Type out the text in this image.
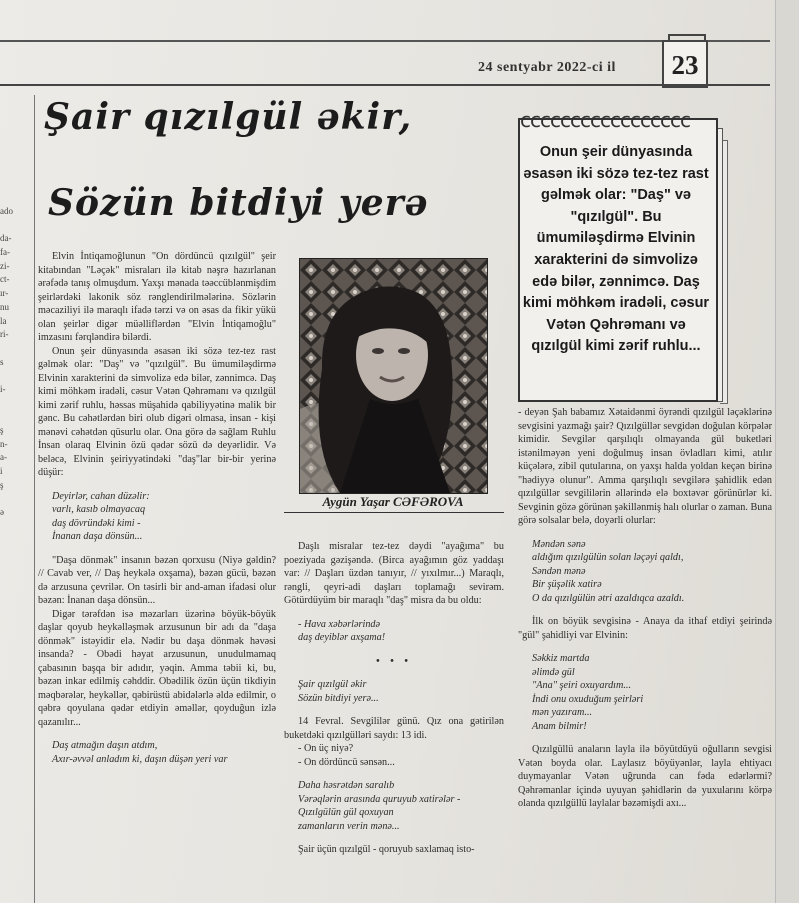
24 sentyabr 2022-ci il	23
ado
da-
fa-
zi-
ct-
ır-
nu
la
ri-
s
i-
ş
n-
a-
i
ş
ə
Şair qızılgül əkir,
Sözün bitdiyi yerə

Elvin İntiqamoğlunun "On dördüncü qızılgül" şeir kitabından "Ləçək" misraları ilə kitab nəşrə hazırlanan ərəfədə tanış olmuşdum. Yaxşı mənada təəccüblənmişdim şeirlərdəki lakonik söz rənglendirilmələrinə. Sözlərin məcaziliyi ilə maraqlı ifadə tərzi və on əsas da fikir yükü olan şeirlər digər müəlliflərdən "Elvin İntiqamoğlu" imzasını fərqləndirə bilərdi.

Onun şeir dünyasında əsasən iki sözə tez-tez rast gəlmək olar: "Daş" və "qızılgül". Bu ümumiləşdirmə Elvinin xarakterini də simvolizə edə bilər, zənnimcə. Daş kimi möhkəm iradəli, cəsur Vətən Qəhrəmanı və qızılgül kimi zərif ruhlu, həssas müşahidə qabiliyyətinə malik bir gənc. Bu cəhətlərdən biri olub digəri olmasa, insan - kişi mənəvi cəhətdən qüsurlu olar. Ona görə də sağlam Ruhlu İnsan olaraq Elvinin özü qədər sözü də deyərlidir. Və beləcə, Elvinin şeiriyyətindəki "daş"lar bir-bir yerinə düşür:

Deyirlər, cahan düzəlir:
varlı, kasıb olmayacaq
daş dövründəki kimi -
İnanan daşa dönsün...

"Daşa dönmək" insanın bəzən qorxusu (Niyə gəldin? // Cavab ver, // Daş heykələ oxşama), bəzən gücü, bəzən də arzusuna çevrilər. On təsirli bir and-aman ifadəsi olur bəzən: İnanan daşa dönsün...

Digər tərəfdən isə məzarları üzərinə böyük-böyük daşlar qoyub heykəlləşmək arzusunun bir adı da "daşa dönmək" istəyidir elə. Nədir bu daşa dönmək həvəsi insanda? - Obədi həyat arzusunun, unudulmamaq çabasının başqa bir adıdır, yəqin. Amma təbii ki, bu, bəzən inkar edilmiş cəhddir. Obədilik özün üçün tikdiyin məqbərələr, heykəllər, qəbirüstü abidələrlə əldə edilmir, o qəbrə qoyulana qədər etdiyin əməllər, qoyduğun izlə qazanılır...

Daş atmağın daşın atdım,
Axır-əvvəl anladım ki, daşın düşən yeri var
Aygün Yaşar CƏFƏROVA

Daşlı misralar tez-tez dəydi "ayağıma" bu poeziyada gəzişəndə. (Birca ayağımın göz yaddaşı var: // Daşları üzdən tanıyır, // yıxılmır...) Maraqlı, rəngli, qeyri-adi daşları toplamağı sevirəm. Götürdüyüm bir maraqlı "daş" misra da bu oldu:

- Hava xəbərlərində
daş deyiblər axşama!
• • •
Şair qızılgül əkir
Sözün bitdiyi yerə...

14 Fevral. Sevgililər günü. Qız ona gətirilən buketdəki qızılgülləri saydı: 13 idi.

- On üç niyə?
- On dördüncü sənsən...
Daha həsrətdən saralıb
Vərəqlərin arasında quruyub xatirələr -
Qızılgülün gül qoxuyan
zamanların verin mənə...

Şair üçün qızılgül - qoruyub saxlamaq isto-

ccccccccccccccccc
Onun şeir dünyasında əsasən iki sözə tez-tez rast gəlmək olar: "Daş" və "qızılgül". Bu ümumiləşdirmə Elvinin xarakterini də simvolizə edə bilər, zənnimcə. Daş kimi möhkəm iradəli, cəsur Vətən Qəhrəmanı və qızılgül kimi zərif ruhlu...

- deyən Şah babamız Xətaidənmi öyrəndi qızılgül ləçəklərinə sevgisini yazmağı şair? Qızılgüllər sevgidən doğulan körpələr kimidir. Sevgilər qarşılıqlı olmayanda gül buketləri istənilməyən yeni doğulmuş insan övladları kimi, atılır küçələrə, zibil qutularına, on yaxşı halda yoldan keçən birinə "hədiyyə olunur". Amma qarşılıqlı sevgilərə şahidlik edən qızılgüllər sevgililərin əllərində elə boxtəvər görünürlər ki. Sevginin gözə görünən şəkillənmiş halı olurlar o zaman. Buna görə solsalar belə, doyərli olurlar:

Məndən sənə
aldığım qızılgülün solan ləçəyi qaldı,
Səndən mənə
Bir şüşəlik xatirə
O da qızılgülün ətri azaldıqca azaldı.

İlk on böyük sevgisinə - Anaya da ithaf etdiyi şeirində "gül" şahidliyi var Elvinin:

Səkkiz martda
əlimdə gül
"Ana" şeiri oxuyardım...
İndi onu oxuduğum şeirləri
mən yazıram...
Anam bilmir!

Qızılgüllü anaların layla ilə böyütdüyü oğulların sevgisi Vətən boyda olar. Laylasız böyüyənlər, layla ehtiyacı duymayanlar Vətən uğrunda can fəda edərlərmi? Qəhrəmanlar içində uyuyan şəhidlərin də yuxularını körpə olanda qızılgüllü laylalar bəzəmişdi axı...
